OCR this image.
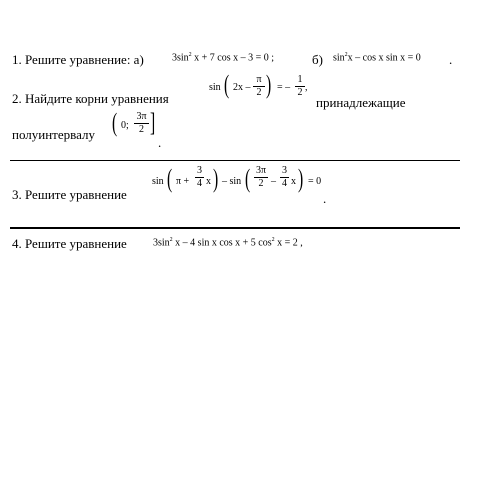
1. Решите уравнение: а)	$3\sin^2$ x + 7 cos x – 3 = 0 ;	б) $\sin^2x$ – cos x sin x = 0 .
2. Найдите корни уравнения
sin ( 2x –
π
2 ) = –
1
2 ,
принадлежащие
полуинтервалу ( 0;
3π
2 ]
.
3. Решите уравнение
sin ( π +
3
4 x ) – sin ( 3π
2 –
3
4 x ) = 0
.
4. Решите уравнение	$3\sin^2$ x – 4 sin x cos x + 5 $\cos^2 x = 2$ ,
